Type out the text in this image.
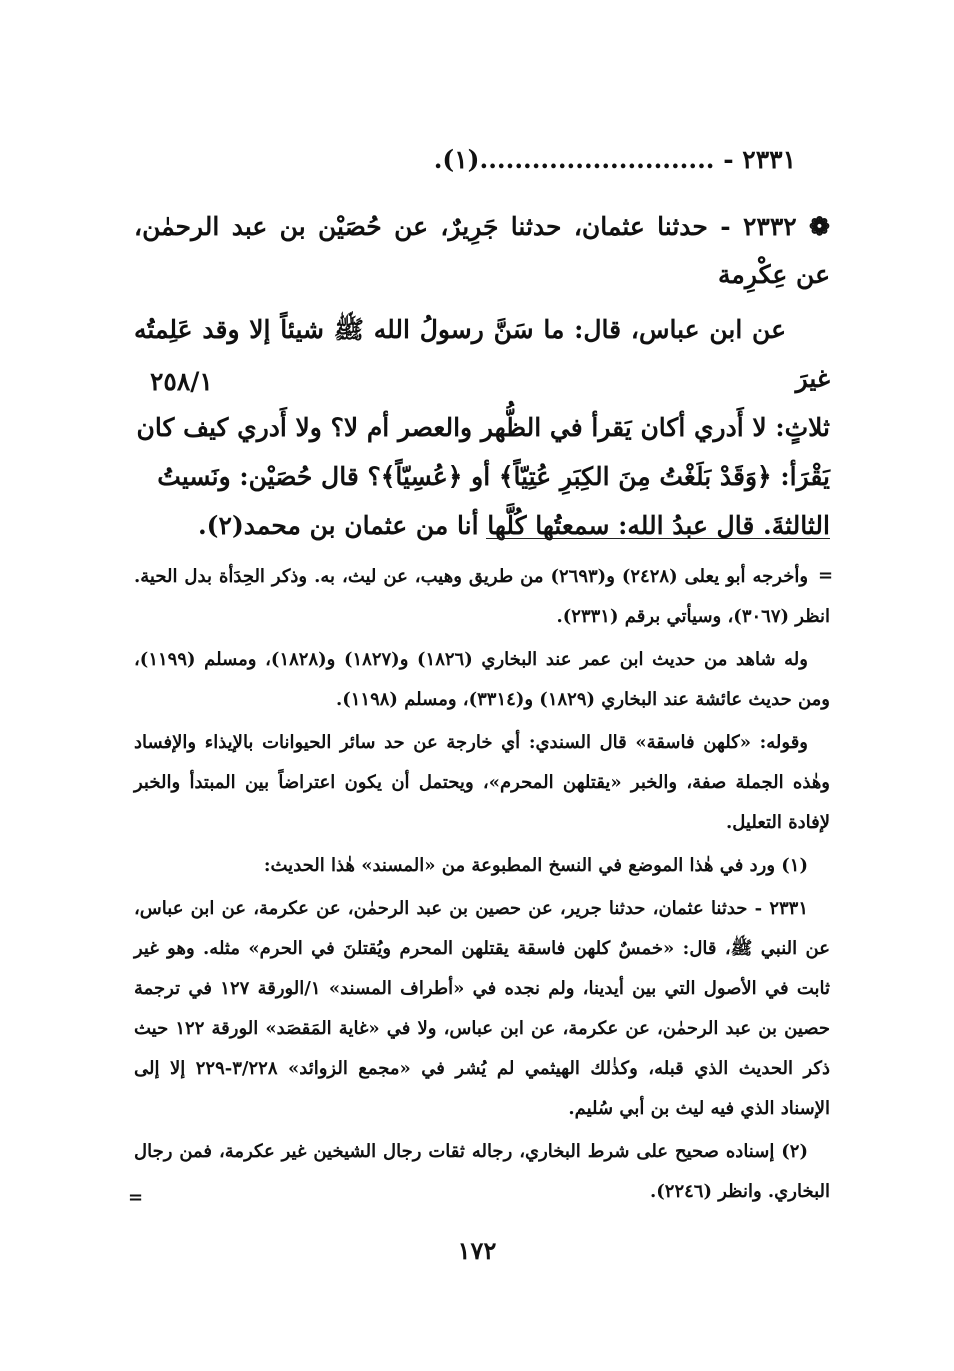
٢٣٣١ - ...........................‏(١)‏.
❁ ٢٣٣٢ - حدثنا عثمان، حدثنا جَرِيرٌ، عن حُصَيْن بن عبد الرحمٰن، عن عِكْرِمة
٢٥٨/١
عن ابن عباس، قال: ما سَنَّ رسولُ الله ﷺ شيئاً إلا وقد عَلِمتُه غيرَ
ثلاثٍ: لا أَدري أكان يَقرأ في الظُّهر والعصر أم لا؟ ولا أَدري كيف كان
يَقْرَأ: ﴿وَقَدْ بَلَغْتُ مِنَ الكِبَرِ عُتِيّاً﴾ أو ﴿عُسِيّاً﴾؟ قال حُصَيْن: ونَسيتُ
الثالثةَ. قال عبدُ الله: سمعتُها كُلَّها أنا من عثمان بن محمد‏(٢)‏.
=

وأخرجه أبو يعلى (٢٤٢٨) و(٢٦٩٣) من طريق وهيب، عن ليث، به. وذكر الحِدَأة بدل الحية. انظر (٣٠٦٧)، وسيأتي برقم (٢٣٣١).

وله شاهد من حديث ابن عمر عند البخاري (١٨٢٦) و(١٨٢٧) و(١٨٢٨)، ومسلم (١١٩٩)، ومن حديث عائشة عند البخاري (١٨٢٩) و(٣٣١٤)، ومسلم (١١٩٨).

وقوله: «كلهن فاسقة» قال السندي: أي خارجة عن حد سائر الحيوانات بالإيذاء والإفساد وهٰذه الجملة صفة، والخبر «يقتلهن المحرم»، ويحتمل أن يكون اعتراضاً بين المبتدأ والخبر لإفادة التعليل.

(١) ورد في هٰذا الموضع في النسخ المطبوعة من «المسند» هٰذا الحديث:

٢٣٣١ - حدثنا عثمان، حدثنا جرير، عن حصين بن عبد الرحمٰن، عن عكرمة، عن ابن عباس، عن النبي ﷺ، قال: «خمسٌ كلهن فاسقة يقتلهن المحرم ويُقتلنَ في الحرم» مثله. وهو غير ثابت في الأصول التي بين أيدينا، ولم نجده في «أطراف المسند» ١/الورقة ١٢٧ في ترجمة حصين بن عبد الرحمٰن، عن عكرمة، عن ابن عباس، ولا في «غاية المَقصَد» الورقة ١٢٢ حيث ذكر الحديث الذي قبله، وكذٰلك الهيثمي لم يُشر في «مجمع الزوائد» ٣/٢٢٨-٢٢٩ إلا إلى الإسناد الذي فيه ليث بن أبي سُليم.

(٢) إسناده صحيح على شرط البخاري، رجاله ثقات رجال الشيخين غير عكرمة، فمن رجال البخاري. وانظر (٢٢٤٦).

=
١٧٢
